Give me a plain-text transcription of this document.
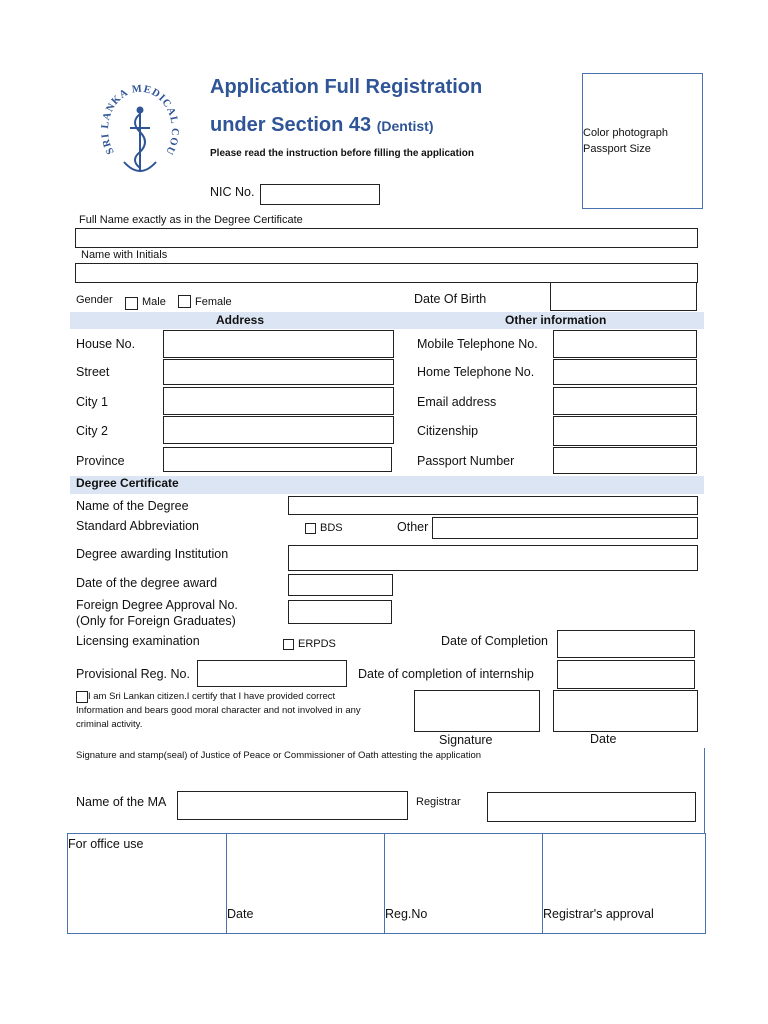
SRI LANKA MEDICAL COU
Application Full Registration
under Section 43 (Dentist)
Please read the instruction before filling the application
NIC No.
Color photograph
Passport Size
Full Name exactly as in the Degree Certificate
Name with Initials
Gender	Male	Female	Date Of Birth
Address	Other information
House No.
Street
City 1
City 2
Province
Mobile Telephone No.
Home Telephone No.
Email address
Citizenship
Passport Number
Degree Certificate
Name of the Degree
Standard Abbreviation	BDS	Other
Degree awarding Institution
Date of the degree award
Foreign Degree Approval No.
(Only for Foreign Graduates)
Licensing examination	ERPDS	Date of Completion
Provisional Reg. No.	Date of completion of internship
I am Sri Lankan citizen.I certify that I have provided correct
Information and bears good moral character and not involved in any
criminal activity.
Signature	Date
Signature and stamp(seal) of Justice of Peace or Commissioner of Oath attesting the application
Name of the MA	Registrar
For office use
Date	Reg.No	Registrar's approval
